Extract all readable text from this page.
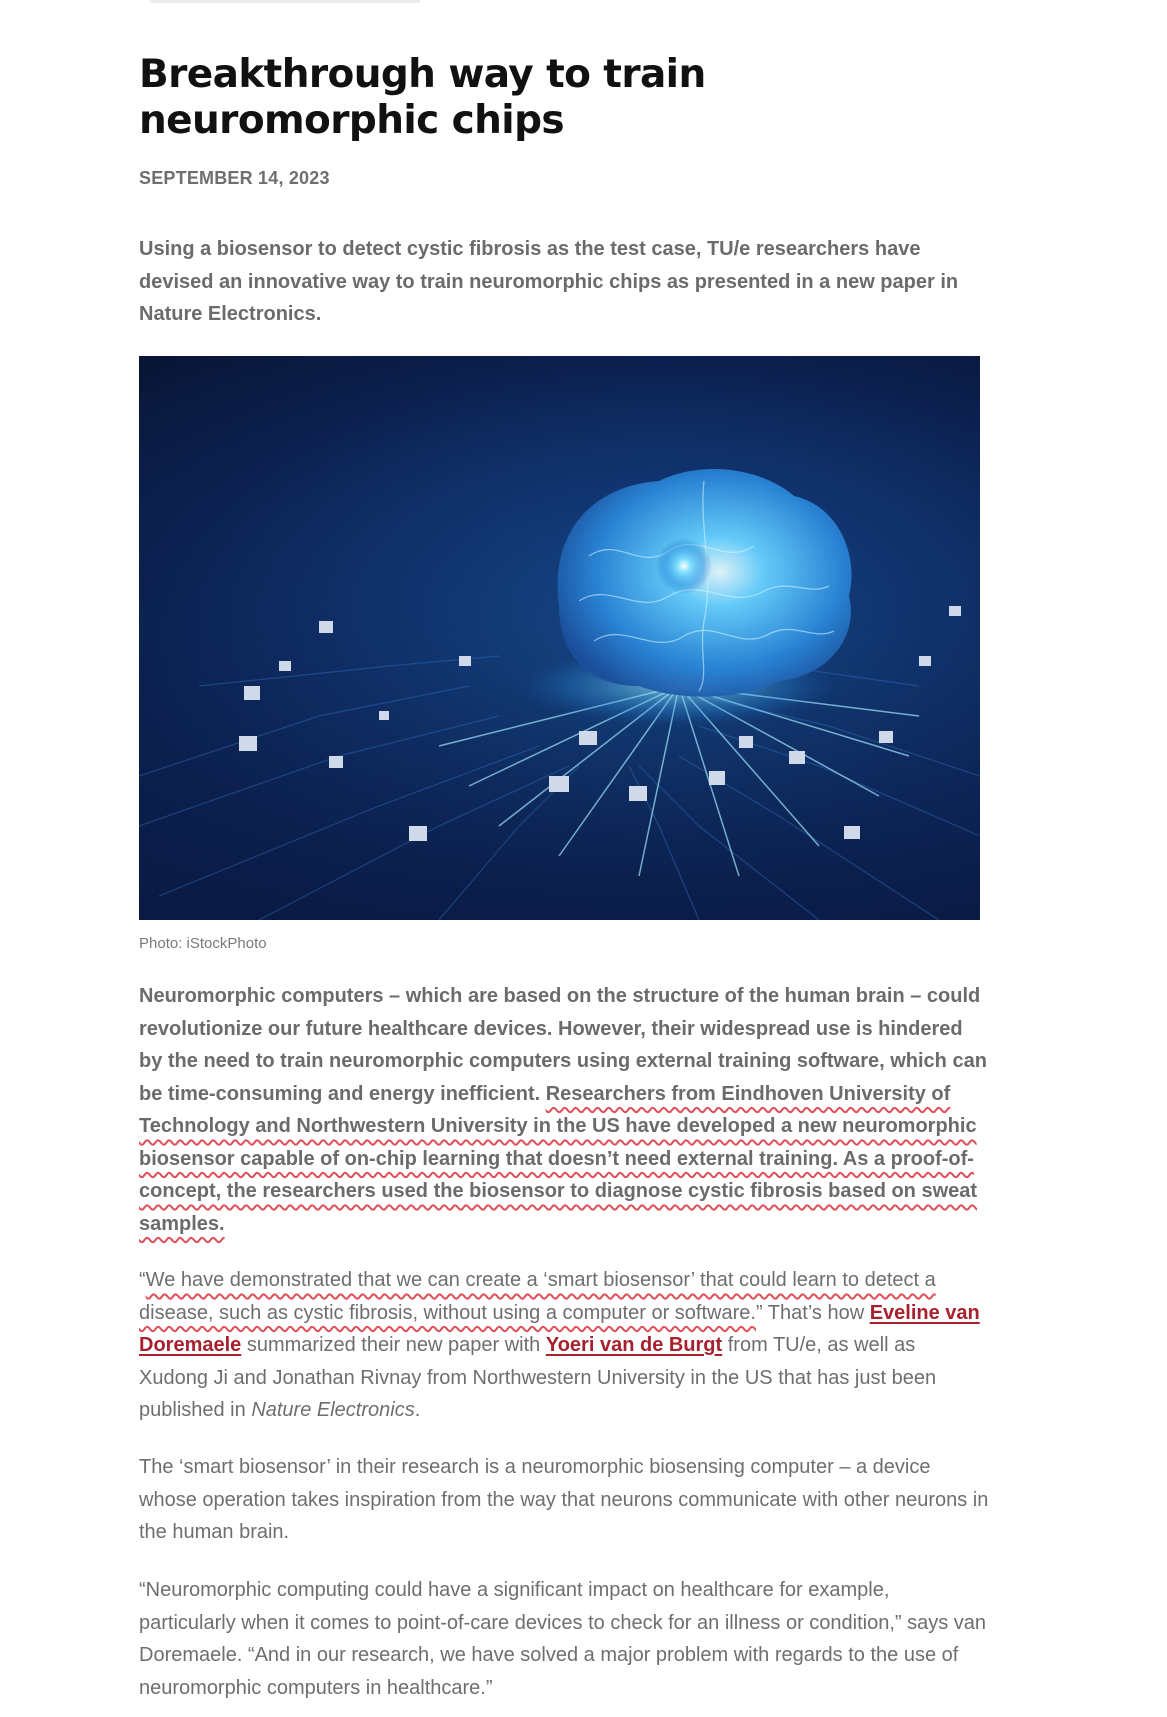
Breakthrough way to train neuromorphic chips
SEPTEMBER 14, 2023

Using a biosensor to detect cystic fibrosis as the test case, TU/e researchers have devised an innovative way to train neuromorphic chips as presented in a new paper in Nature Electronics.

Photo: iStockPhoto

Neuromorphic computers – which are based on the structure of the human brain – could revolutionize our future healthcare devices. However, their widespread use is hindered by the need to train neuromorphic computers using external training software, which can be time-consuming and energy inefficient. Researchers from Eindhoven University of Technology and Northwestern University in the US have developed a new neuromorphic biosensor capable of on-chip learning that doesn’t need external training. As a proof-of-concept, the researchers used the biosensor to diagnose cystic fibrosis based on sweat samples.

“We have demonstrated that we can create a ‘smart biosensor’ that could learn to detect a disease, such as cystic fibrosis, without using a computer or software.” That’s how Eveline van Doremaele summarized their new paper with Yoeri van de Burgt from TU/e, as well as Xudong Ji and Jonathan Rivnay from Northwestern University in the US that has just been published in Nature Electronics.

The ‘smart biosensor’ in their research is a neuromorphic biosensing computer – a device whose operation takes inspiration from the way that neurons communicate with other neurons in the human brain.

“Neuromorphic computing could have a significant impact on healthcare for example, particularly when it comes to point-of-care devices to check for an illness or condition,” says van Doremaele. “And in our research, we have solved a major problem with regards to the use of neuromorphic computers in healthcare.”
